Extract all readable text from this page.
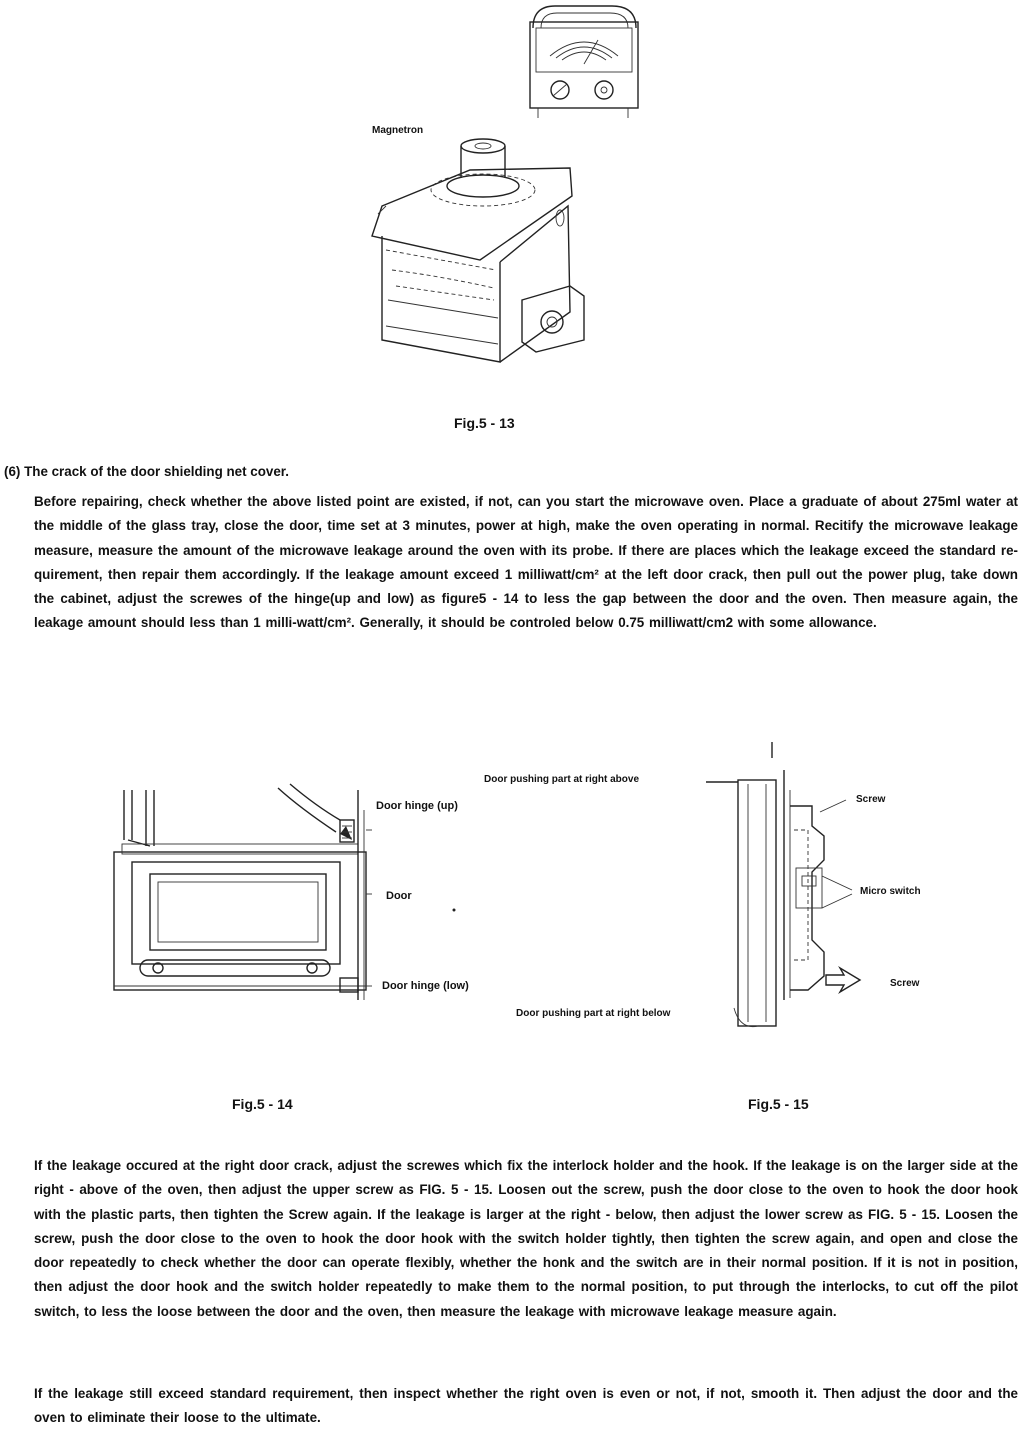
Magnetron
Fig.5 - 13
(6) The crack of the door shielding net cover.
Before repairing, check whether the above listed point are existed, if not, can you start the microwave oven. Place a graduate of about 275ml water at the middle of the glass tray, close the door, time set at 3 minutes, power at high, make the oven operating in normal. Recitify the microwave leakage measure, measure the amount of the microwave leakage around the oven with its probe. If there are places which the leakage exceed the standard re-quirement, then repair them accordingly. If the leakage amount exceed 1 milliwatt/cm² at the left door crack, then pull out the power plug, take down the cabinet, adjust the screwes of the hinge(up and low) as figure5 - 14 to less the gap between the door and the oven. Then measure again, the leakage amount should less than 1 milli-watt/cm². Generally, it should be controled below 0.75 milliwatt/cm2 with some allowance.
Door hinge (up)
Door
Door hinge (low)
Door pushing part at right above
Door pushing part at right below
Screw
Micro switch
Screw
Fig.5 - 14	Fig.5 - 15
If the leakage occured at the right door crack, adjust the screwes which fix the interlock holder and the hook. If the leakage is on the larger side at the right - above of the oven, then adjust the upper screw as FIG. 5 - 15. Loosen out the screw, push the door close to the oven to hook the door hook with the plastic parts, then tighten the Screw again. If the leakage is larger at the right - below, then adjust the lower screw as FIG. 5 - 15. Loosen the screw, push the door close to the oven to hook the door hook with the switch holder tightly, then tighten the screw again, and open and close the door repeatedly to check whether the door can operate flexibly, whether the honk and the switch are in their normal position. If it is not in position, then adjust the door hook and the switch holder repeatedly to make them to the normal position, to put through the interlocks, to cut off the pilot switch, to less the loose between the door and the oven, then measure the leakage with microwave leakage measure again.
If the leakage still exceed standard requirement, then inspect whether the right oven is even or not, if not, smooth it. Then adjust the door and the oven to eliminate their loose to the ultimate.
